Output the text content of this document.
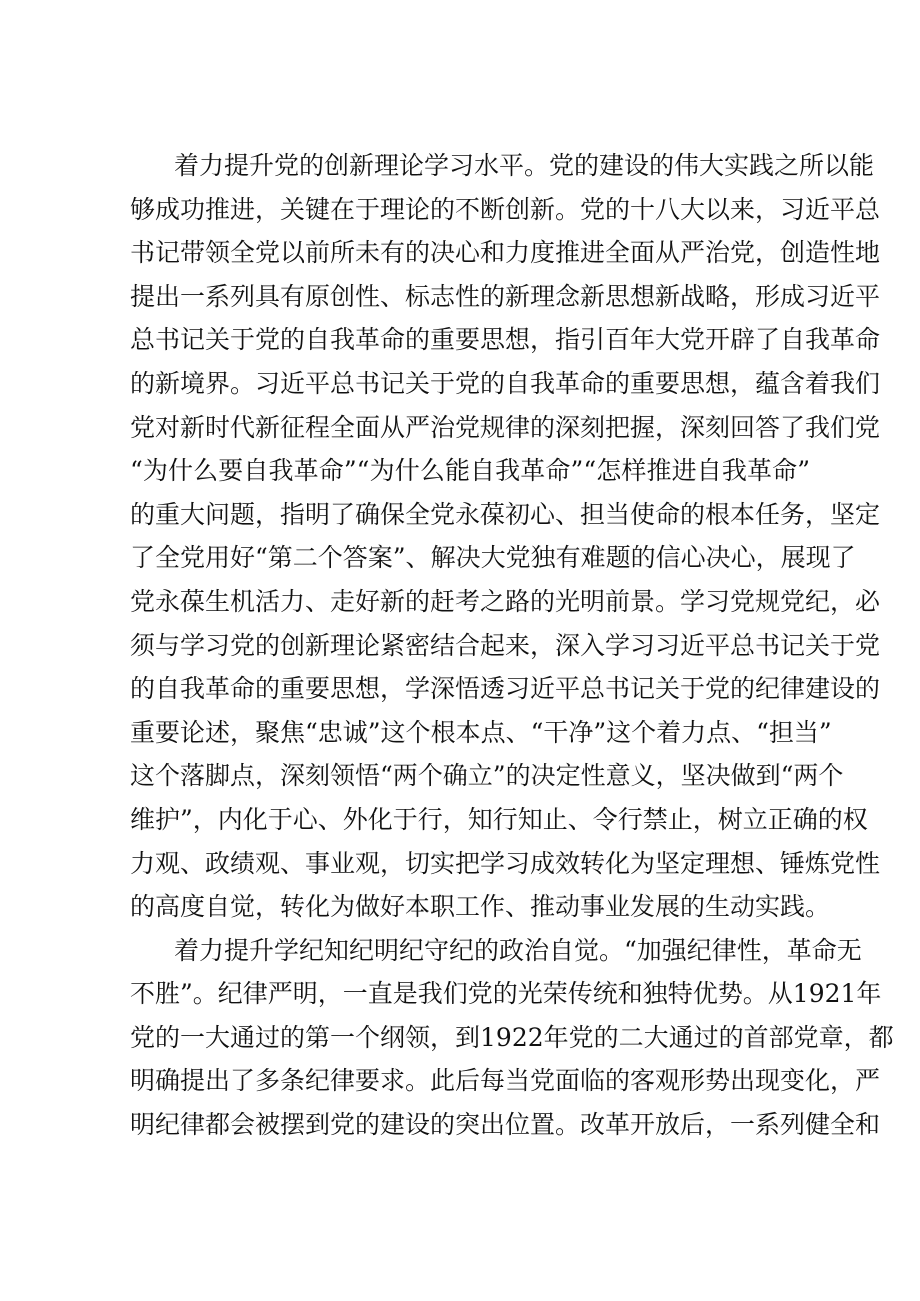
着力提升党的创新理论学习水平。党的建设的伟大实践之所以能
够成功推进，关键在于理论的不断创新。党的十八大以来，习近平总
书记带领全党以前所未有的决心和力度推进全面从严治党，创造性地
提出一系列具有原创性、标志性的新理念新思想新战略，形成习近平
总书记关于党的自我革命的重要思想，指引百年大党开辟了自我革命
的新境界。习近平总书记关于党的自我革命的重要思想，蕴含着我们
党对新时代新征程全面从严治党规律的深刻把握，深刻回答了我们党
“为什么要自我革命”“为什么能自我革命”“怎样推进自我革命”
的重大问题，指明了确保全党永葆初心、担当使命的根本任务，坚定
了全党用好“第二个答案”、解决大党独有难题的信心决心，展现了
党永葆生机活力、走好新的赶考之路的光明前景。学习党规党纪，必
须与学习党的创新理论紧密结合起来，深入学习习近平总书记关于党
的自我革命的重要思想，学深悟透习近平总书记关于党的纪律建设的
重要论述，聚焦“忠诚”这个根本点、“干净”这个着力点、“担当”
这个落脚点，深刻领悟“两个确立”的决定性意义，坚决做到“两个
维护”，内化于心、外化于行，知行知止、令行禁止，树立正确的权
力观、政绩观、事业观，切实把学习成效转化为坚定理想、锤炼党性
的高度自觉，转化为做好本职工作、推动事业发展的生动实践。
着力提升学纪知纪明纪守纪的政治自觉。“加强纪律性，革命无
不胜”。纪律严明，一直是我们党的光荣传统和独特优势。从1921年
党的一大通过的第一个纲领，到1922年党的二大通过的首部党章，都
明确提出了多条纪律要求。此后每当党面临的客观形势出现变化，严
明纪律都会被摆到党的建设的突出位置。改革开放后，一系列健全和
